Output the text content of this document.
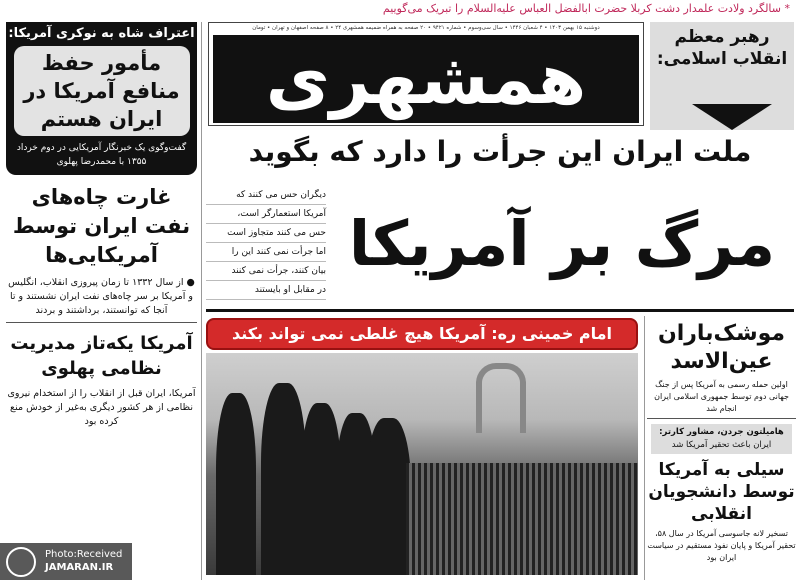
* سالگرد ولادت علمدار دشت کربلا حضرت ابالفضل العباس علیه‌السلام را تبریک می‌گوییم
اعتراف شاه به نوکری آمریکا:
مأمور حفظ منافع آمریکا در ایران هستم
گفت‌وگوی یک خبرنگار آمریکایی در دوم خرداد ۱۳۵۵ با محمدرضا پهلوی
غارت چاه‌های نفت ایران توسط آمریکایی‌ها
● از سال ۱۳۳۲ تا زمان پیروزی انقلاب، انگلیس و آمریکا بر سر چاه‌های نفت ایران نشستند و تا آنجا که توانستند، برداشتند و بردند
آمریکا یکه‌تاز مدیریت نظامی پهلوی
آمریکا، ایران قبل از انقلاب را از استخدام نیروی نظامی از هر کشور دیگری به‌غیر از خودش منع کرده بود
دوشنبه ۱۵ بهمن ۱۴۰۳ • ۴ شعبان ۱۴۴۶ • سال سی‌وسوم • شماره ۹۴۲۱ • ۲۰ صفحه به همراه ضمیمه همشهری ۲۴ • ۸ صفحه اصفهان و تهران • تومان
همشهری
رهبر معظم انقلاب اسلامی:
ملت ایران این جرأت را دارد که بگوید
دیگران حس می کنند که
آمریکا استعمارگر است،
حس می کنند متجاوز است
اما جرأت نمی کنند این را
بیان کنند، جرأت نمی کنند
در مقابل او بایستند
مرگ بر آمریکا
امام خمینی ره: آمریکا هیچ غلطی نمی تواند بکند	موشک‌باران عین‌الاسد
اولین حمله رسمی به آمریکا پس از جنگ جهانی دوم توسط جمهوری اسلامی ایران انجام شد
هامیلتون جردن، مشاور کارتر:
ایران باعث تحقیر آمریکا شد
سیلی به آمریکا توسط دانشجویان انقلابی
تسخیر لانه جاسوسی آمریکا در سال ۵۸، تحقیر آمریکا و پایان نفوذ مستقیم در سیاست ایران بود
Photo:Received
JAMARAN.IR
